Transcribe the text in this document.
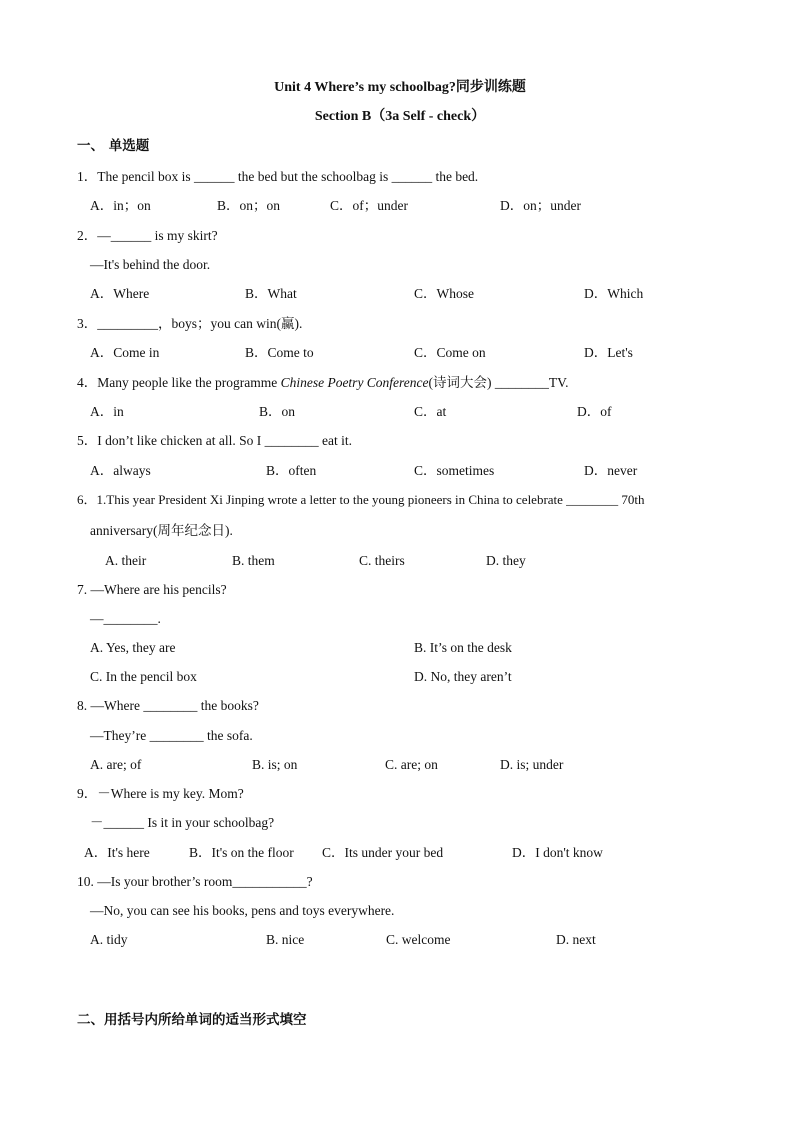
Unit 4 Where’s my schoolbag?同步训练题
Section B（3a Self - check）
一、 单选题
1．The pencil box is ______ the bed but the schoolbag is ______ the bed.
A．in；on	B．on；on	C．of；under	D．on；under
2．—______ is my skirt?
—It's behind the door.
A．Where	B．What	C．Whose	D．Which
3．_________，boys；you can win(赢).
A．Come in	B．Come to	C．Come on	D．Let's
4．Many people like the programme Chinese Poetry Conference(诗词大会) ________TV.
A．in	B．on	C．at	D．of
5．I don’t like chicken at all. So I ________ eat it.
A．always	B．often	C．sometimes	D．never
6．1.This year President Xi Jinping wrote a letter to the young pioneers in China to celebrate ________ 70th
anniversary(周年纪念日).
A. their	B. them	C. theirs	D. they
7. —Where are his pencils?
—________.
A. Yes, they are	B. It’s on the desk
C. In the pencil box	D. No, they aren’t
8. —Where ________ the books?
—They’re ________ the sofa.
A. are; of	B. is; on	C. are; on	D. is; under
9．－Where is my key. Mom?
－______ Is it in your schoolbag?
A．It's here	B．It's on the floor C．Its under your bed	D．I don't know
10. —Is your brother’s room___________?
—No, you can see his books, pens and toys everywhere.
A. tidy	B. nice	C. welcome	D. next
二、用括号内所给单词的适当形式填空
